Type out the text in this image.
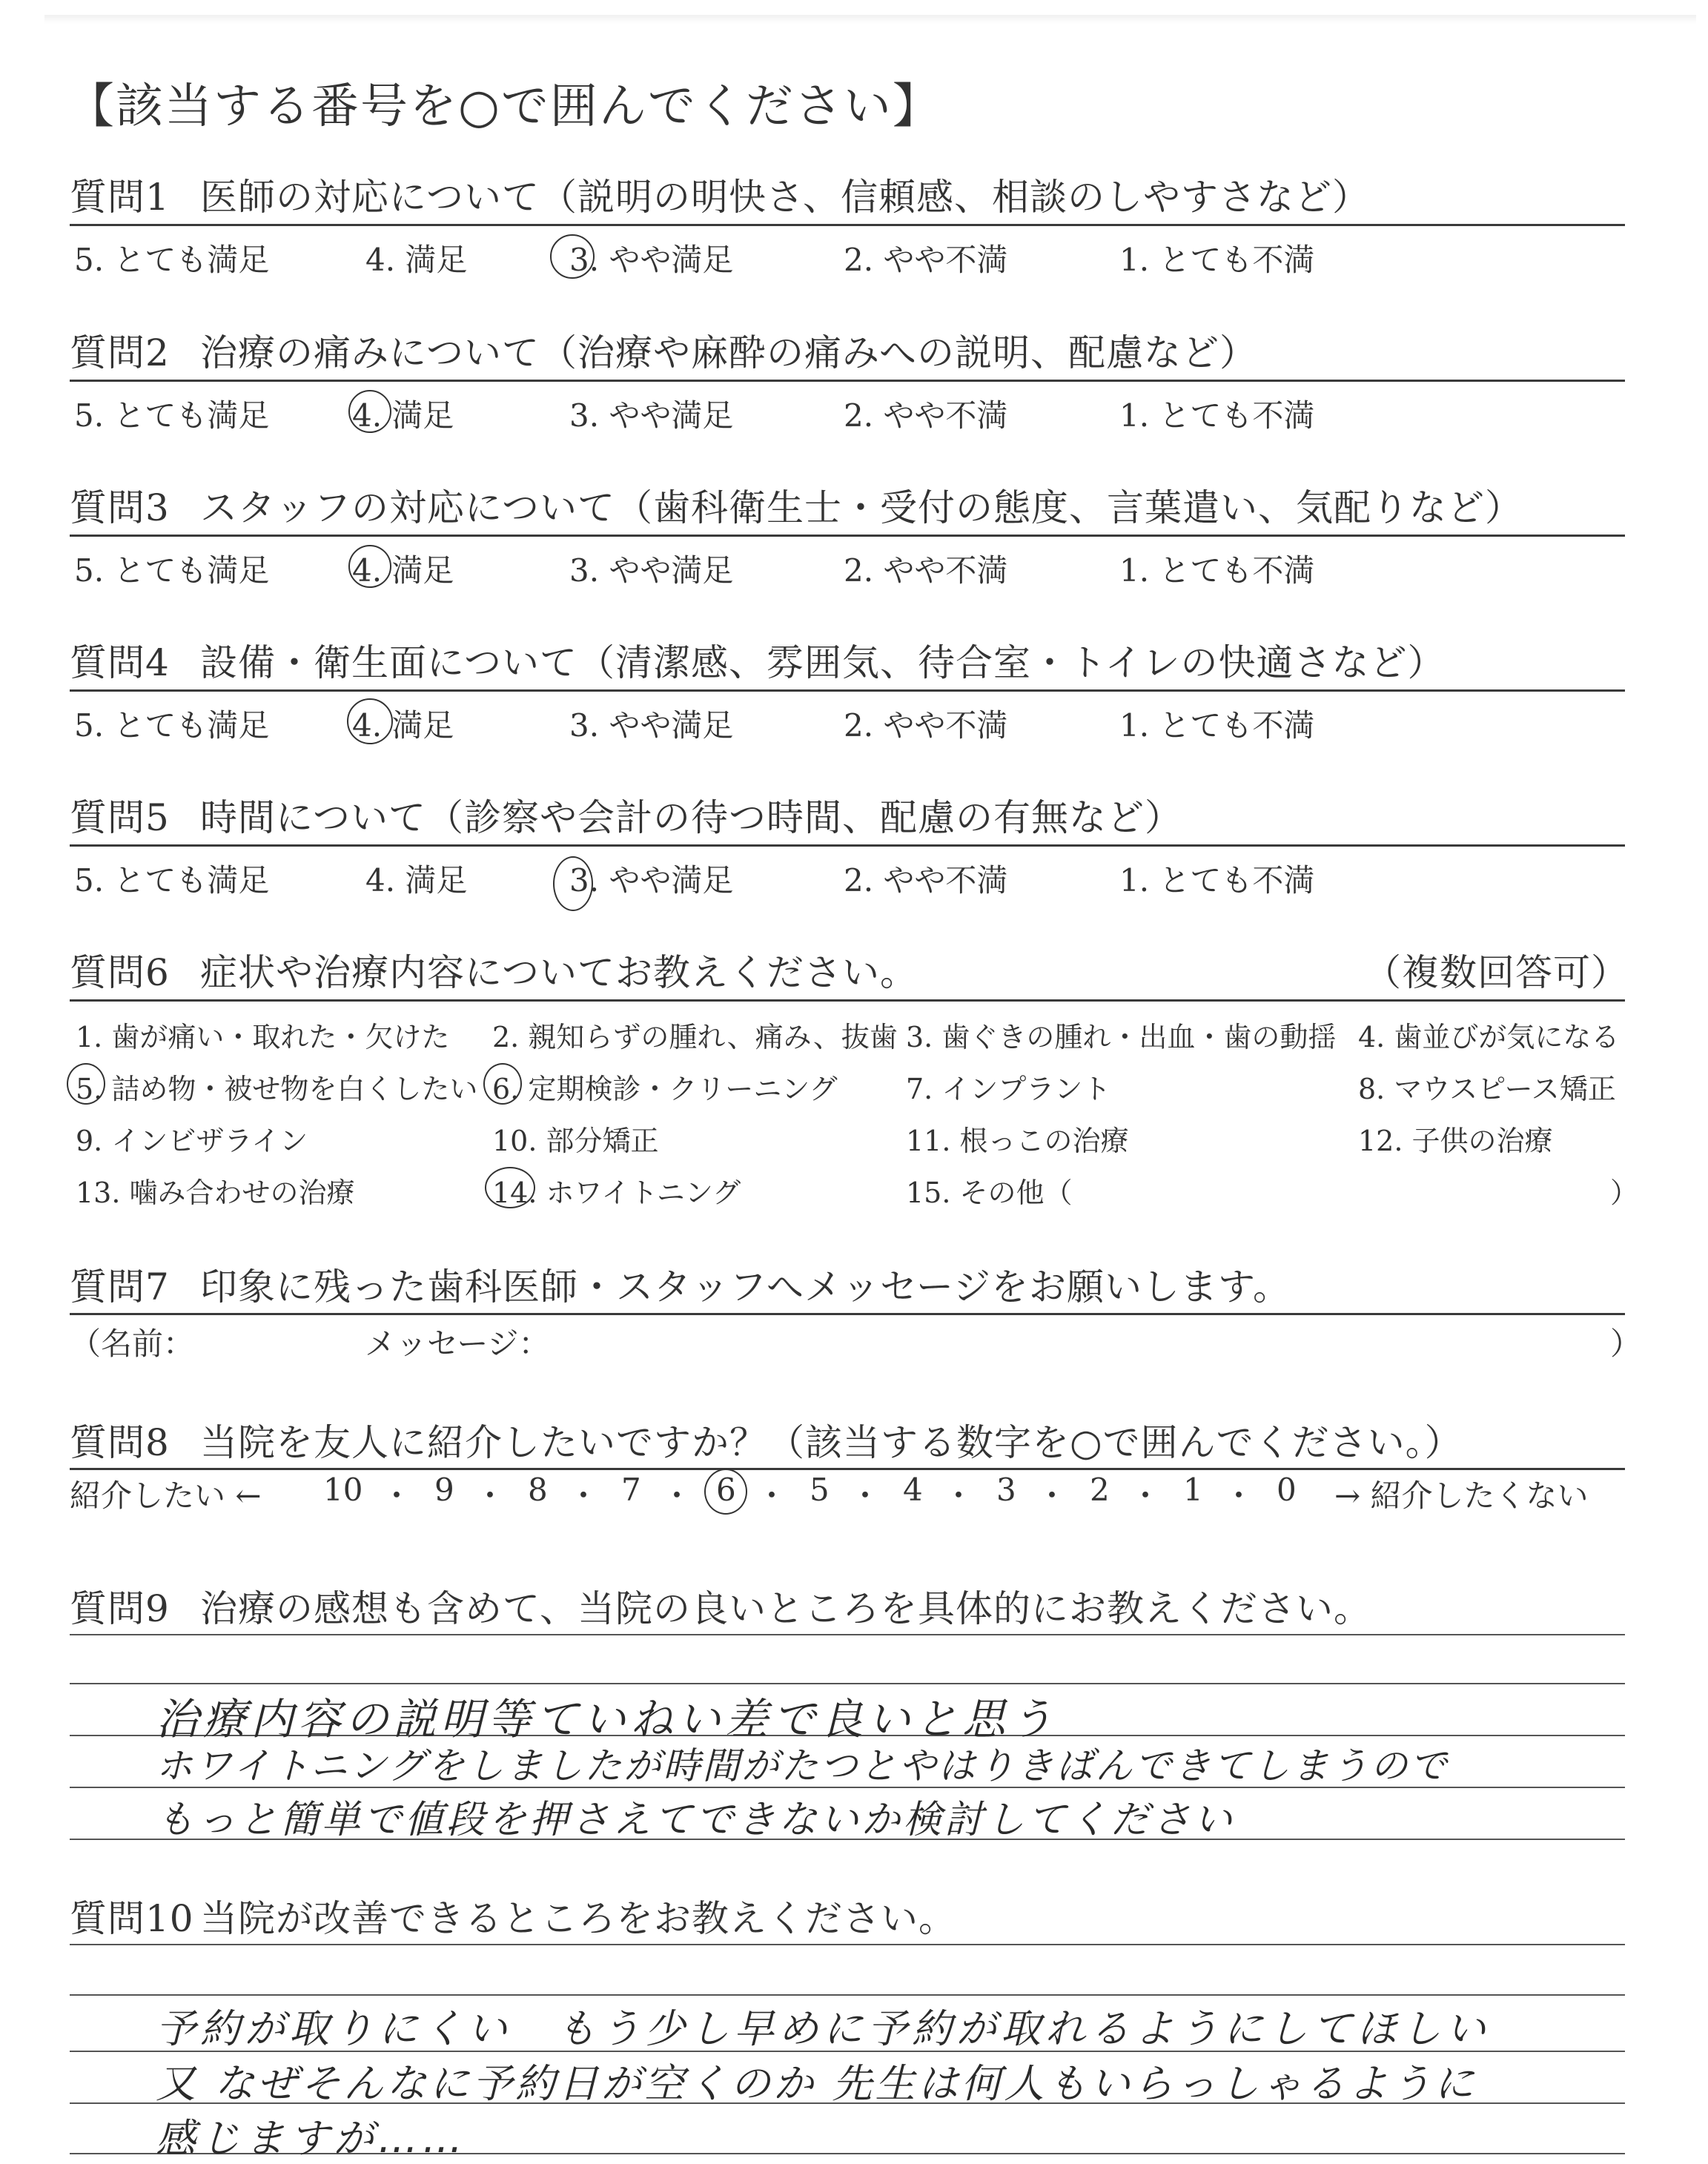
【該当する番号を○で囲んでください】
質問1 医師の対応について（説明の明快さ、信頼感、相談のしやすさなど）
5. とても満足	4. 満足	3. やや満足	2. やや不満	1. とても不満
質問2 治療の痛みについて（治療や麻酔の痛みへの説明、配慮など）
5. とても満足	4. 満足	3. やや満足	2. やや不満	1. とても不満
質問3 スタッフの対応について（歯科衛生士・受付の態度、言葉遣い、気配りなど）
5. とても満足	4. 満足	3. やや満足	2. やや不満	1. とても不満
質問4 設備・衛生面について（清潔感、雰囲気、待合室・トイレの快適さなど）
5. とても満足	4. 満足	3. やや満足	2. やや不満	1. とても不満
質問5 時間について（診察や会計の待つ時間、配慮の有無など）
5. とても満足	4. 満足	3. やや満足	2. やや不満	1. とても不満
質問6 症状や治療内容についてお教えください。	（複数回答可）
1. 歯が痛い・取れた・欠けた 2. 親知らずの腫れ、痛み、抜歯 3. 歯ぐきの腫れ・出血・歯の動揺 4. 歯並びが気になる
5. 詰め物・被せ物を白くしたい 6. 定期検診・クリーニング 7. インプラント	8. マウスピース矯正
9. インビザライン	10. 部分矯正	11. 根っこの治療	12. 子供の治療
13. 噛み合わせの治療	14. ホワイトニング	15. その他（	）
質問7 印象に残った歯科医師・スタッフへメッセージをお願いします。
（名前：	メッセージ：	）
質問8 当院を友人に紹介したいですか？（該当する数字を○で囲んでください。）
紹介したい ← 10 ・ 9 ・ 8 ・ 7 ・ 6 ・ 5 ・ 4 ・ 3 ・ 2 ・ 1 ・ 0 → 紹介したくない
質問9 治療の感想も含めて、当院の良いところを具体的にお教えください。
治療内容の説明等ていねい差で良いと思う
ホワイトニングをしましたが時間がたつとやはりきばんできてしまうので
もっと簡単で値段を押さえてできないか検討してください
質問10 当院が改善できるところをお教えください。
予約が取りにくい　もう少し早めに予約が取れるようにしてほしい
又 なぜそんなに予約日が空くのか 先生は何人もいらっしゃるように
感じますが……
